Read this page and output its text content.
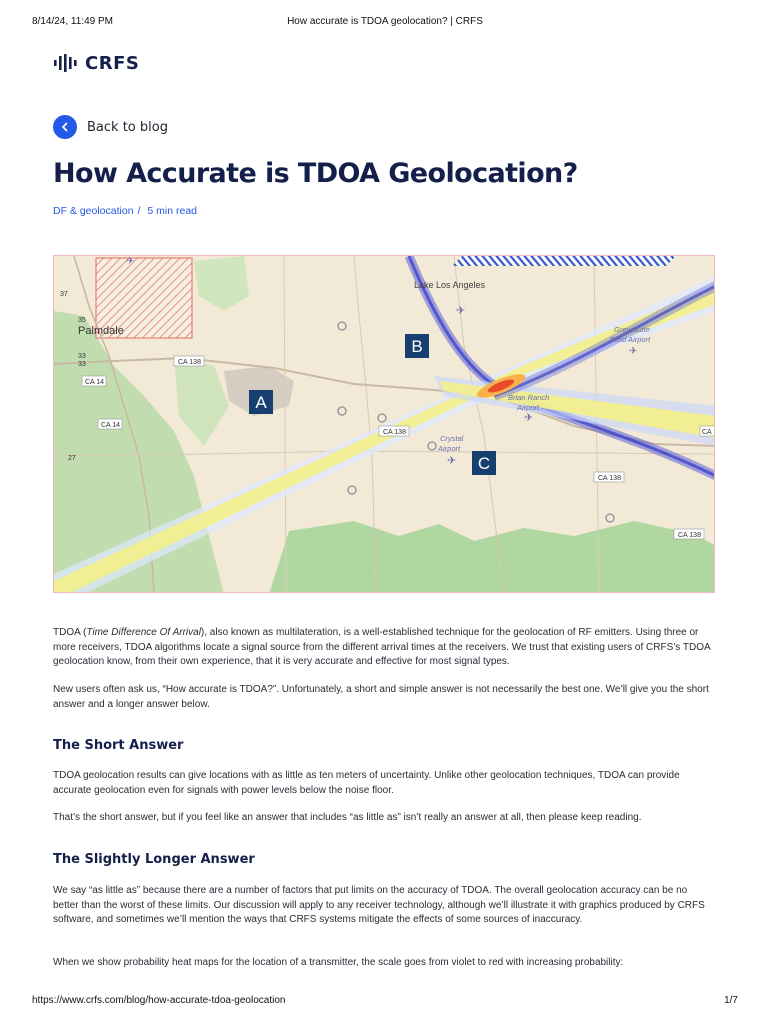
8/14/24, 11:49 PM	How accurate is TDOA geolocation? | CRFS
CRFS
Back to blog
How Accurate is TDOA Geolocation?
DF & geolocation / 5 min read
A
B
C
✈
✈
✈
✈
✈
Palmdale
Lake Los Angeles
Grey Butte
Field Airport
Brian Ranch
Airport
Crystal
Airport
CA 138
CA 138
CA 138
CA 138
CA 14
CA 14
CA
37
35
33
33
27

TDOA (Time Difference Of Arrival), also known as multilateration, is a well-established technique for the geolocation of RF emitters. Using three or more receivers, TDOA algorithms locate a signal source from the different arrival times at the receivers. We trust that existing users of CRFS’s TDOA geolocation know, from their own experience, that it is very accurate and effective for most signal types.

New users often ask us, “How accurate is TDOA?”. Unfortunately, a short and simple answer is not necessarily the best one. We’ll give you the short answer and a longer answer below.

The Short Answer

TDOA geolocation results can give locations with as little as ten meters of uncertainty. Unlike other geolocation techniques, TDOA can provide accurate geolocation even for signals with power levels below the noise floor.

That’s the short answer, but if you feel like an answer that includes “as little as” isn’t really an answer at all, then please keep reading.

The Slightly Longer Answer

We say “as little as” because there are a number of factors that put limits on the accuracy of TDOA. The overall geolocation accuracy can be no better than the worst of these limits. Our discussion will apply to any receiver technology, although we’ll illustrate it with graphics produced by CRFS software, and sometimes we’ll mention the ways that CRFS systems mitigate the effects of some sources of inaccuracy.

When we show probability heat maps for the location of a transmitter, the scale goes from violet to red with increasing probability:

https://www.crfs.com/blog/how-accurate-tdoa-geolocation	1/7
